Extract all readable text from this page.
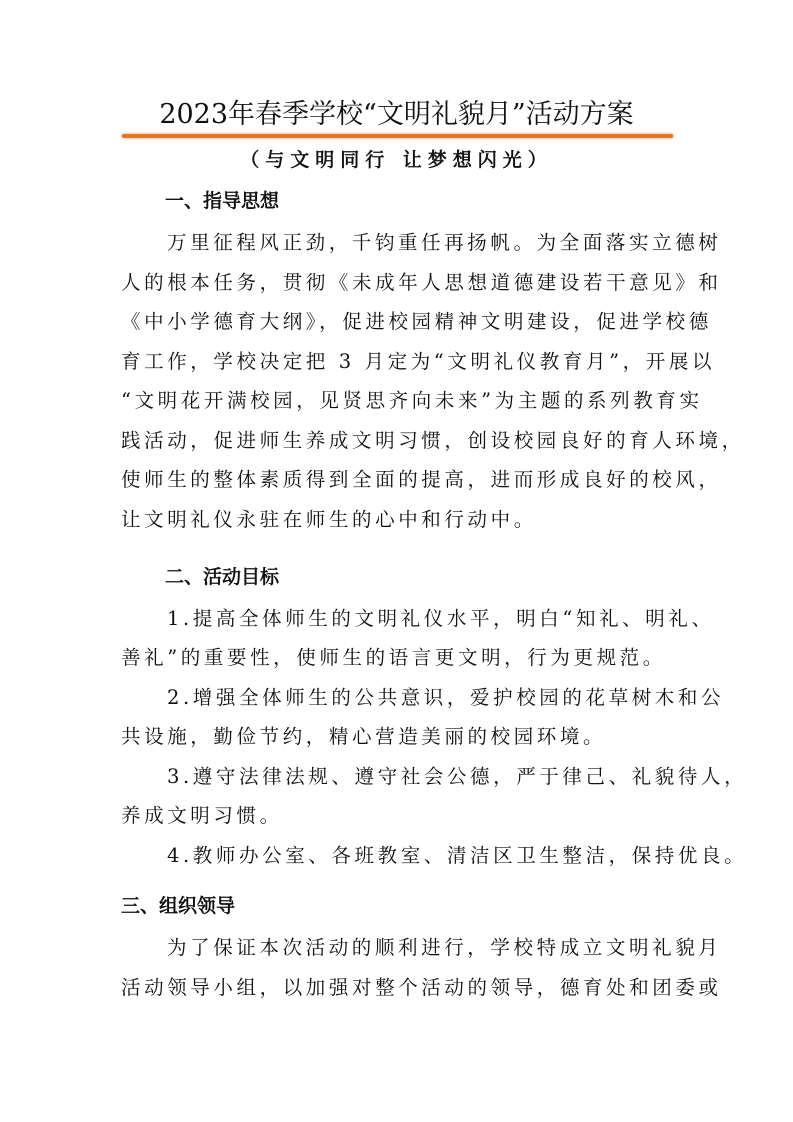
2023年春季学校“文明礼貌月”活动方案
（与文明同行 让梦想闪光）
一、指导思想
万里征程风正劲，千钧重任再扬帆。为全面落实立德树
人的根本任务，贯彻《未成年人思想道德建设若干意见》和
《中小学德育大纲》，促进校园精神文明建设，促进学校德
育工作，学校决定把 3 月定为“文明礼仪教育月”，开展以
“文明花开满校园，见贤思齐向未来”为主题的系列教育实
践活动，促进师生养成文明习惯，创设校园良好的育人环境，
使师生的整体素质得到全面的提高，进而形成良好的校风，
让文明礼仪永驻在师生的心中和行动中。
二、活动目标
1.提高全体师生的文明礼仪水平，明白“知礼、明礼、
善礼”的重要性，使师生的语言更文明，行为更规范。
2.增强全体师生的公共意识，爱护校园的花草树木和公
共设施，勤俭节约，精心营造美丽的校园环境。
3.遵守法律法规、遵守社会公德，严于律己、礼貌待人，
养成文明习惯。
4.教师办公室、各班教室、清洁区卫生整洁，保持优良。
三、组织领导
为了保证本次活动的顺利进行，学校特成立文明礼貌月
活动领导小组，以加强对整个活动的领导，德育处和团委或
